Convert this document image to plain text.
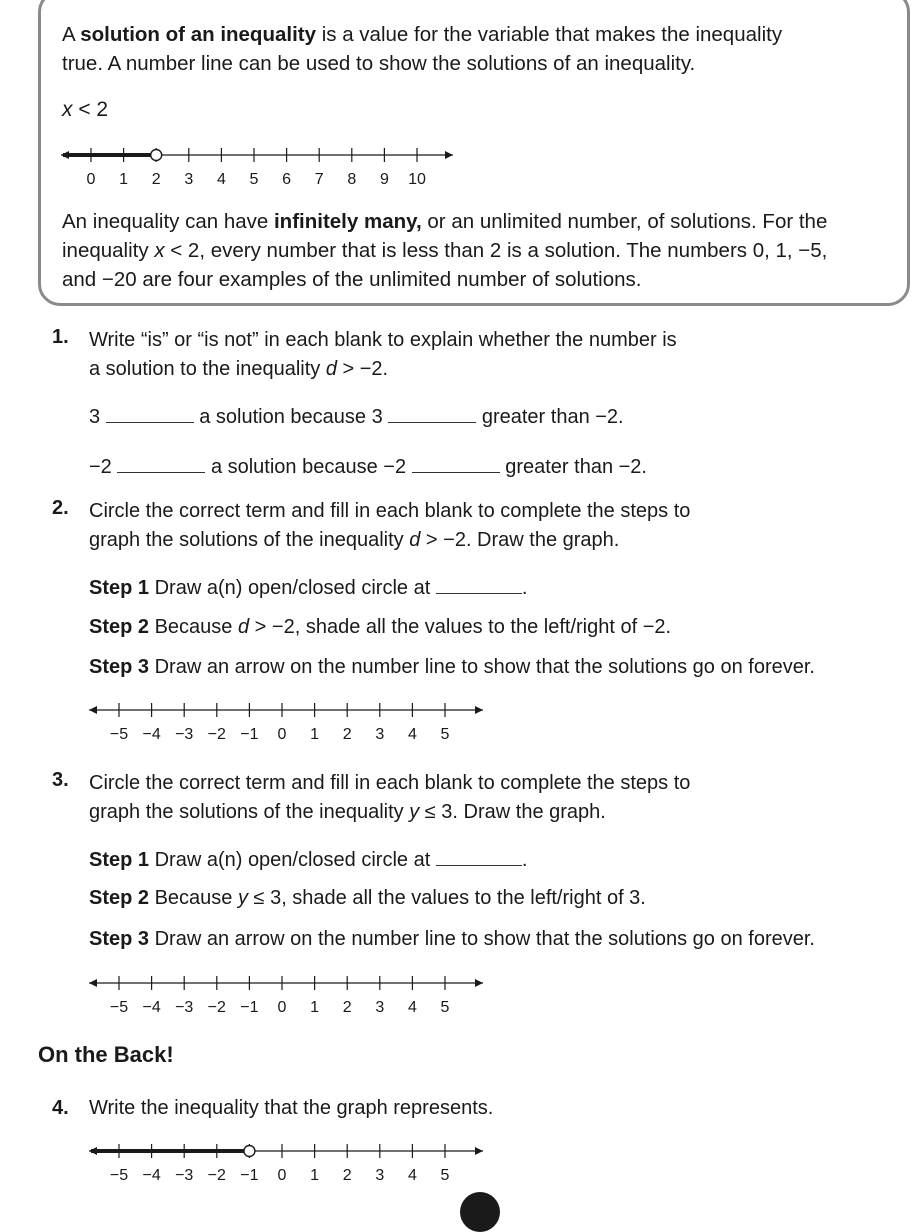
A solution of an inequality is a value for the variable that makes the inequality
true. A number line can be used to show the solutions of an inequality.
x < 2
0 1 2 3 4 5 6 7 8 9 10
An inequality can have infinitely many, or an unlimited number, of solutions. For the
inequality x < 2, every number that is less than 2 is a solution. The numbers 0, 1, −5,
and −20 are four examples of the unlimited number of solutions.
1. Write “is” or “is not” in each blank to explain whether the number is
a solution to the inequality d > −2.
3	a solution because 3	greater than −2.
−2	a solution because −2	greater than −2.
2. Circle the correct term and fill in each blank to complete the steps to
graph the solutions of the inequality d > −2. Draw the graph.
Step 1 Draw a(n) open/closed circle at	.
Step 2 Because d > −2, shade all the values to the left/right of −2.
Step 3 Draw an arrow on the number line to show that the solutions go on forever.
−5 −4 −3 −2 −1 0 1 2 3 4 5
3. Circle the correct term and fill in each blank to complete the steps to
graph the solutions of the inequality y ≤ 3. Draw the graph.
Step 1 Draw a(n) open/closed circle at	.
Step 2 Because y ≤ 3, shade all the values to the left/right of 3.
Step 3 Draw an arrow on the number line to show that the solutions go on forever.
−5 −4 −3 −2 −1 0 1 2 3 4 5
On the Back!
4. Write the inequality that the graph represents.
−5 −4 −3 −2 −1 0 1 2 3 4 5
